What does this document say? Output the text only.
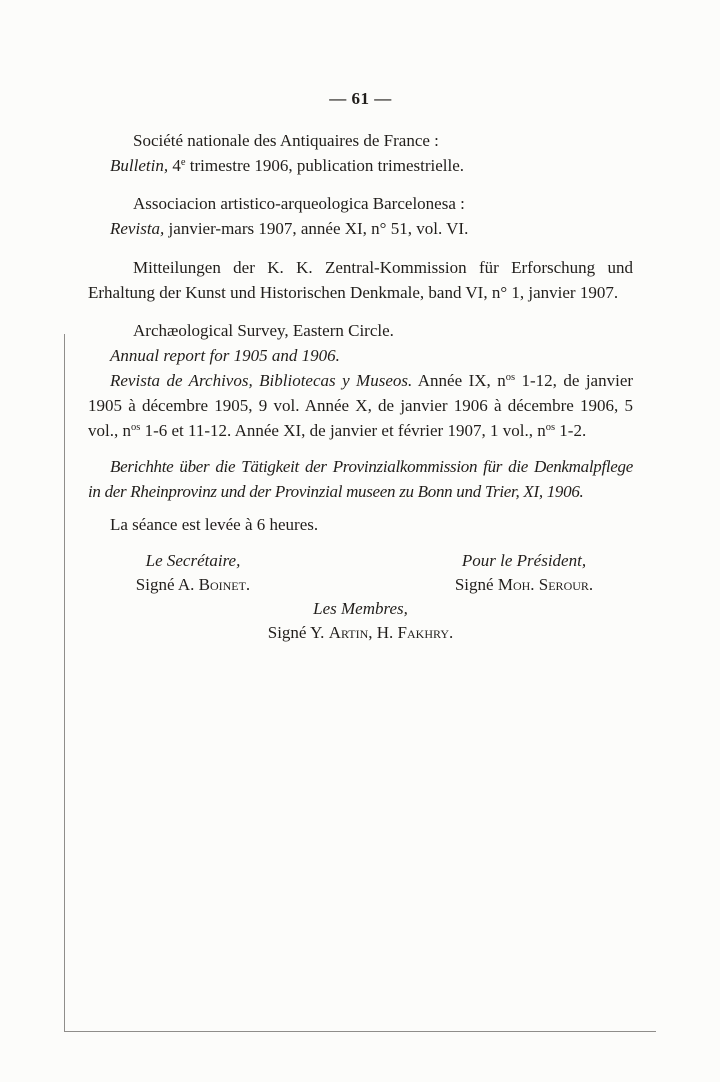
— 61 —

Société nationale des Antiquaires de France :
Bulletin, 4e trimestre 1906, publication trimestrielle.

Associacion artistico-arqueologica Barcelonesa :
Revista, janvier-mars 1907, année XI, n° 51, vol. VI.

Mitteilungen der K. K. Zentral-Kommission für Erforschung und Erhaltung der Kunst und Historischen Denkmale, band VI, n° 1, janvier 1907.

Archæological Survey, Eastern Circle.

Annual report for 1905 and 1906.

Revista de Archivos, Bibliotecas y Museos. Année IX, $n^{os}$ 1-12, de janvier 1905 à décembre 1905, 9 vol. Année X, de janvier 1906 à décembre 1906, 5 vol., $n^{os}$ 1-6 et 11-12. Année XI, de janvier et février 1907, 1 vol., $n^{os}$ 1-2.

Berichhte über die Tätigkeit der Provinzialkommission für die Denkmalpflege in der Rheinprovinz und der Provinzial museen zu Bonn und Trier, XI, 1906.

La séance est levée à 6 heures.

Le Secrétaire,
Signé A. Boinet.
Pour le Président,
Signé Moh. Serour.
Les Membres,
Signé Y. Artin, H. Fakhry.
